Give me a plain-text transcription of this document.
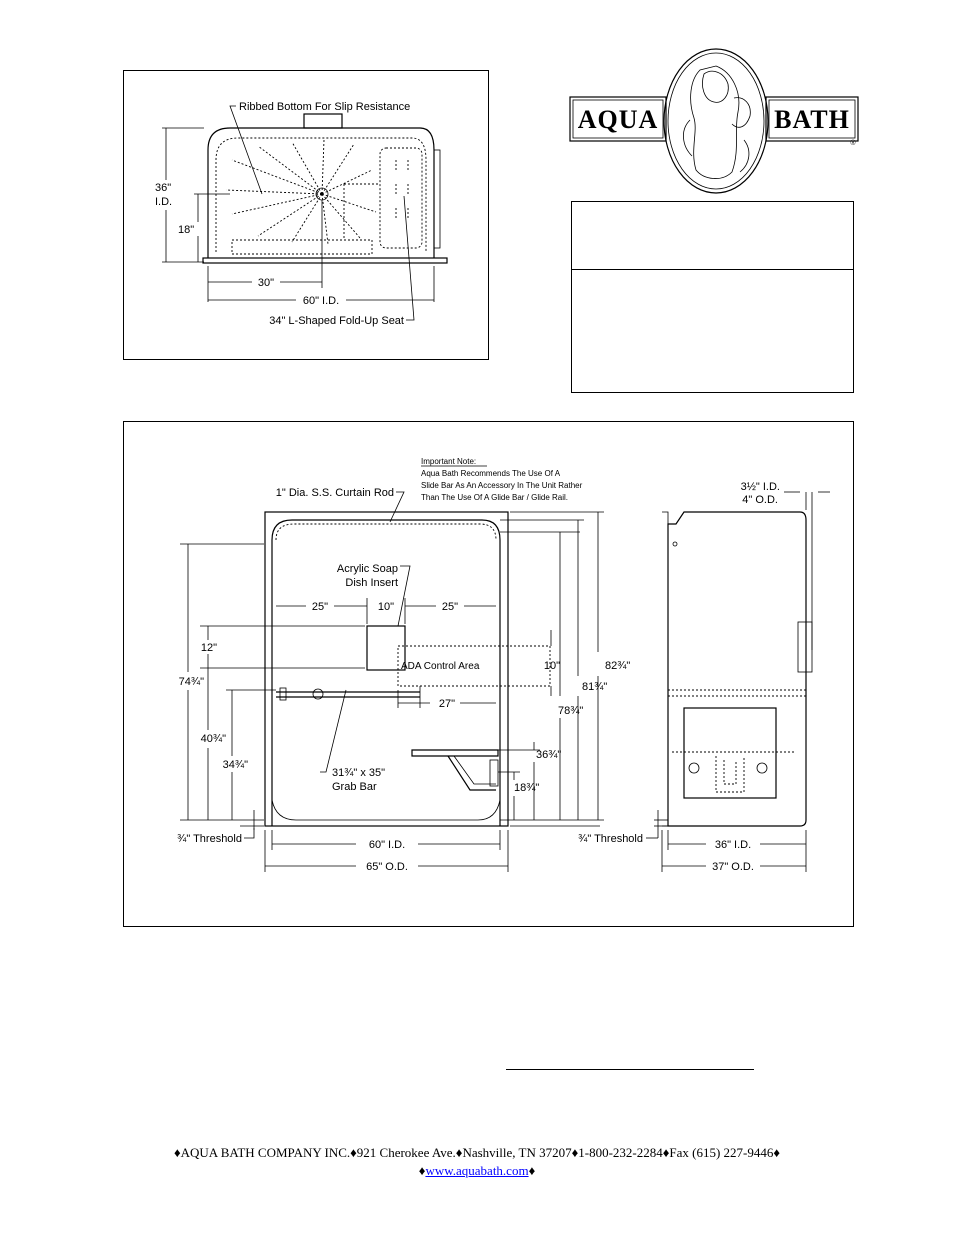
AQUA	BATH
®
Ribbed Bottom For Slip Resistance
36"
I.D.
18"
30"
60" I.D.
34" L-Shaped Fold-Up Seat
Important Note:
Aqua Bath Recommends The Use Of A
Slide Bar As An Accessory In The Unit Rather
Than The Use Of A Glide Bar / Glide Rail.
1" Dia. S.S. Curtain Rod
Acrylic Soap
Dish Insert
25"	10"	25"
12"
ADA Control Area	10"
31¾" x 35"
Grab Bar
27"
74¾"
40¾"
34¾"
¾" Threshold
82¾"
81¾"
78¾"
36¾"
18¾"
60" I.D.
65" O.D.
3½" I.D.
4" O.D.
¾" Threshold	36" I.D.
37" O.D.
♦AQUA BATH COMPANY INC.♦921 Cherokee Ave.♦Nashville, TN 37207♦1-800-232-2284♦Fax (615) 227-9446♦
♦www.aquabath.com♦
